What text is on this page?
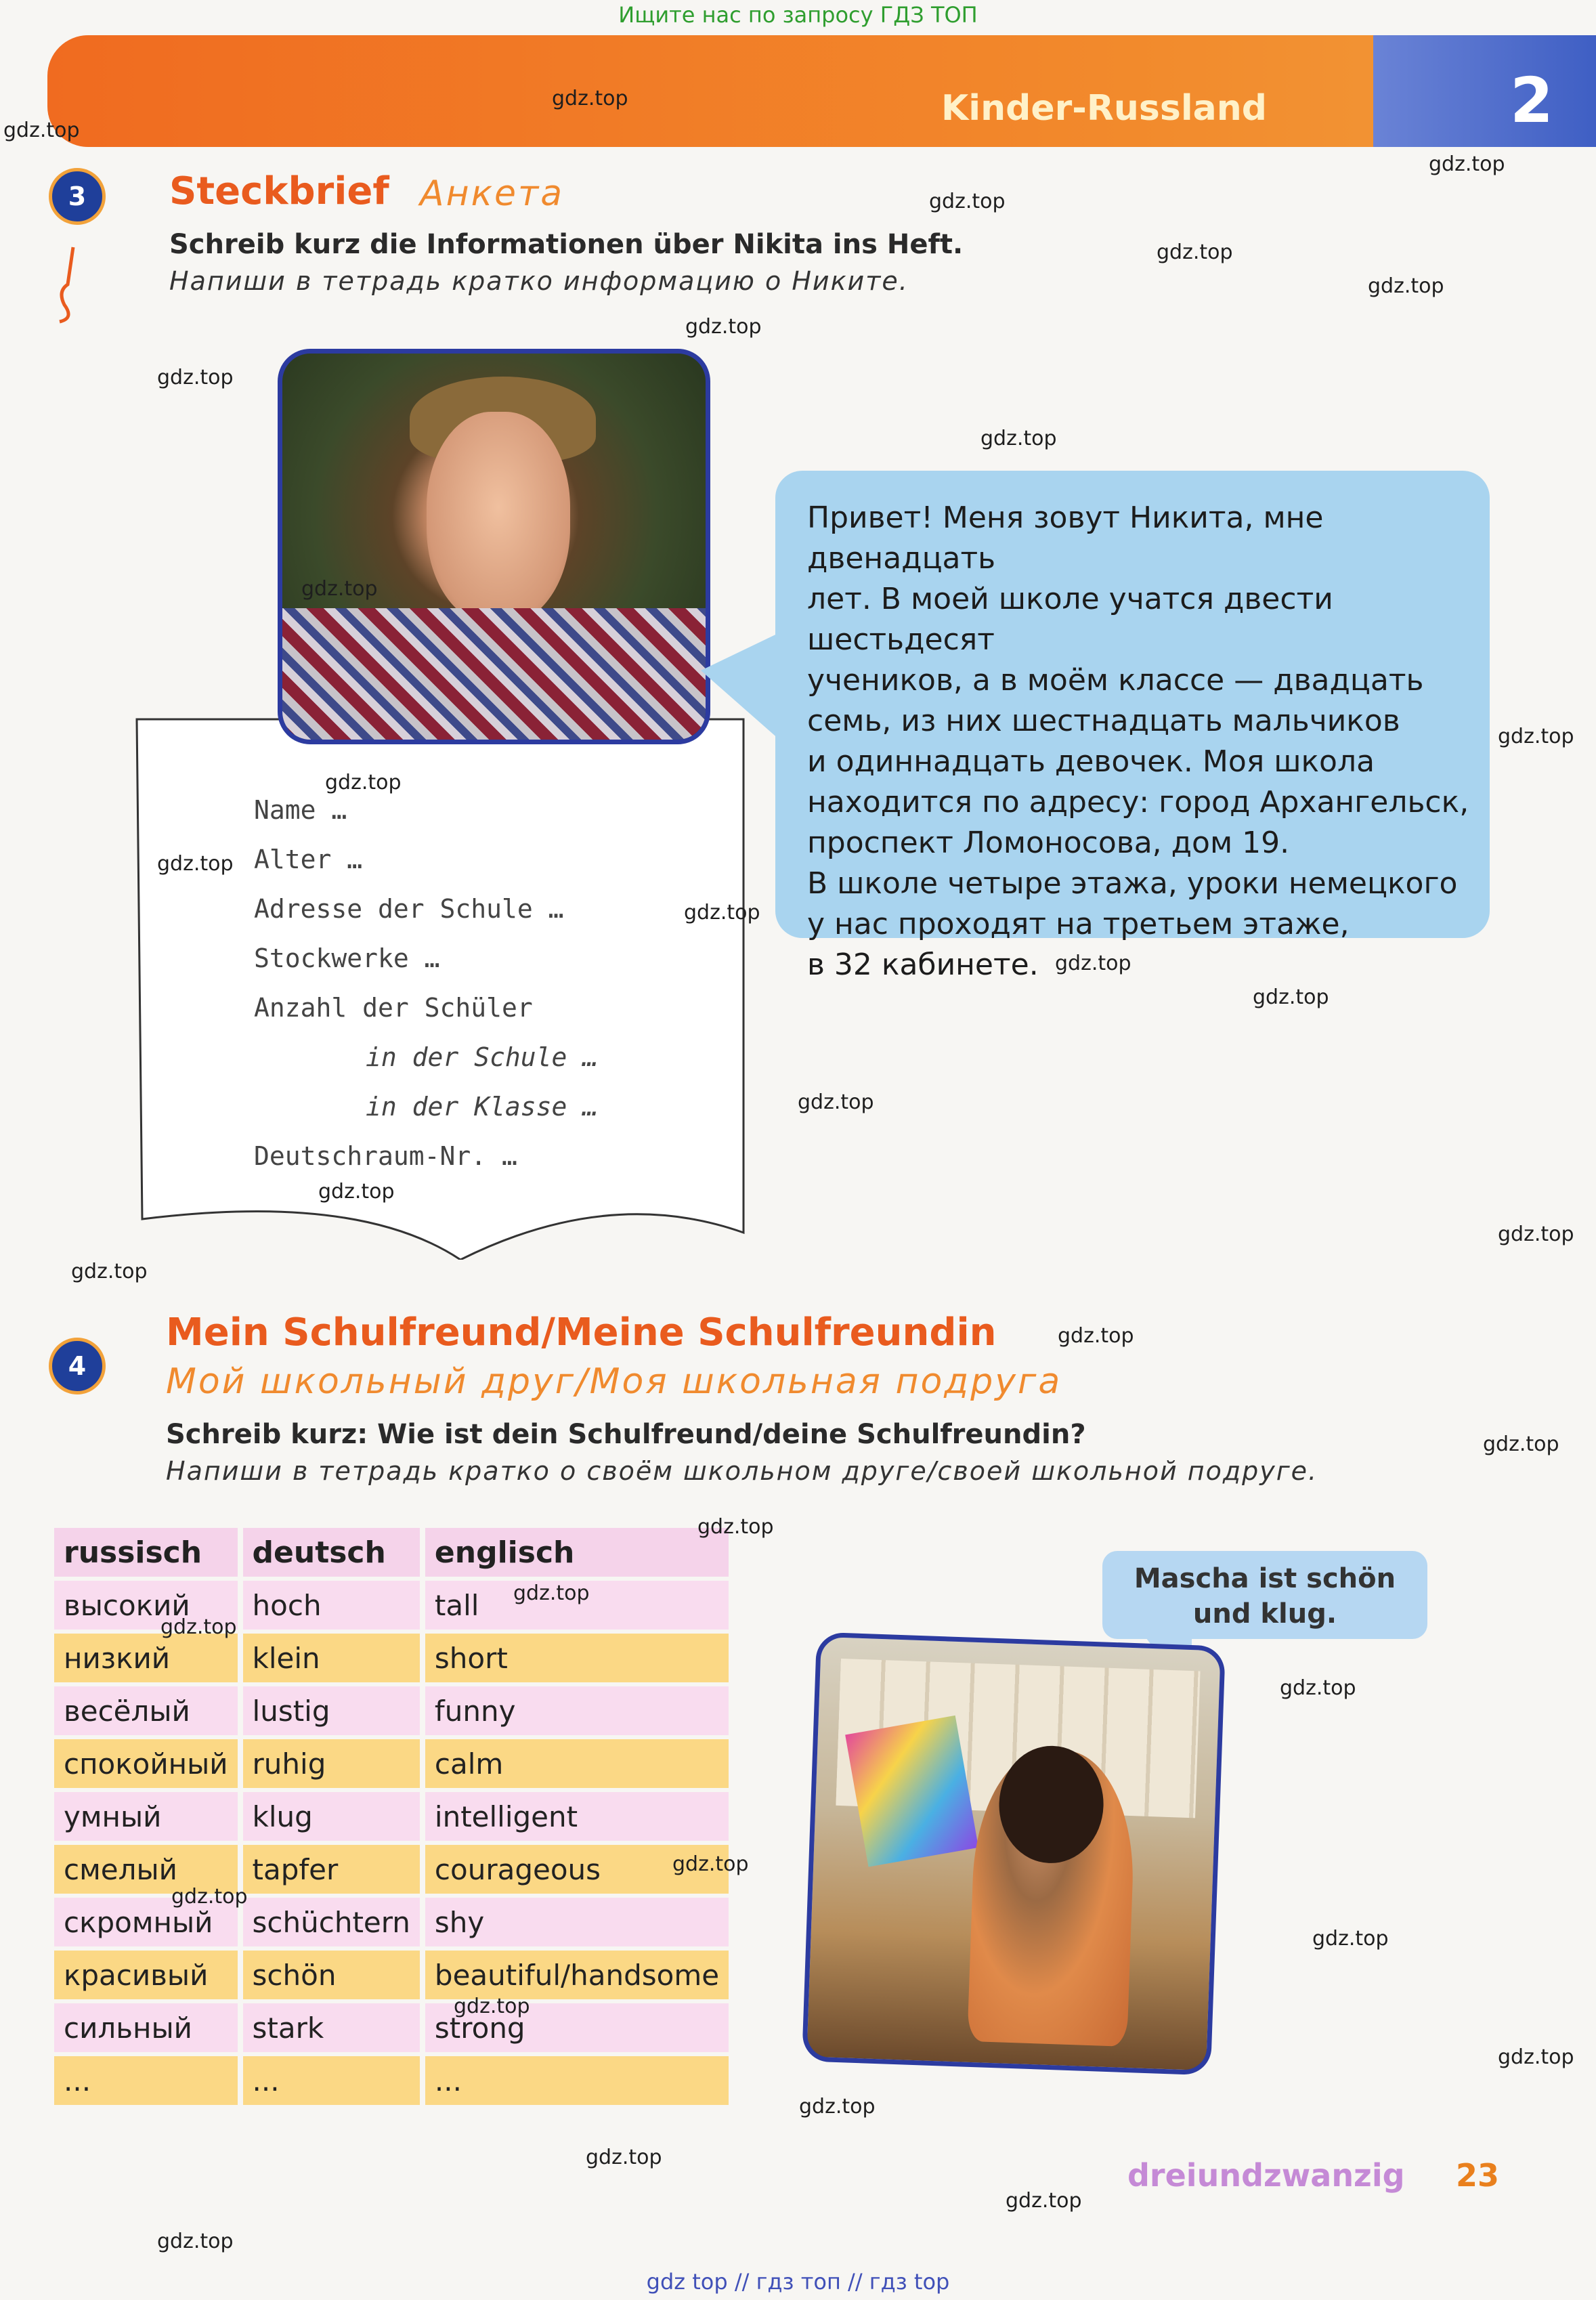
Ищите нас по запросу ГДЗ ТОП
Kinder-Russland	2
3	Steckbrief Анкета
Schreib kurz die Informationen über Nikita ins Heft.
Напиши в тетрадь кратко информацию о Никите.
Name …
Alter …
Adresse der Schule …
Stockwerke …
Anzahl der Schüler
in der Schule …
in der Klasse …
Deutschraum-Nr. …
Привет! Меня зовут Никита, мне двенадцать
лет. В моей школе учатся двести шестьдесят
учеников, а в моём классе — двадцать
семь, из них шестнадцать мальчиков
и одиннадцать девочек. Моя школа
находится по адресу: город Архангельск,
проспект Ломоносова, дом 19.
В школе четыре этажа, уроки немецкого
у нас проходят на третьем этаже,
в 32 кабинете.
4
Mein Schulfreund/Meine Schulfreundin
Мой школьный друг/Моя школьная подруга
Schreib kurz: Wie ist dein Schulfreund/deine Schulfreundin?
Напиши в тетрадь кратко о своём школьном друге/своей школьной подруге.
russisch		deutsch		englisch
высокий		hoch		tall
низкий		klein		short
весёлый		lustig		funny
спокойный		ruhig		calm
умный		klug		intelligent
смелый		tapfer		courageous
скромный		schüchtern		shy
красивый		schön		beautiful/handsome
сильный		stark		strong
...		...		...
Mascha ist schön
und klug.
dreiundzwanzig 23
gdz top // гдз топ // гдз top
gdz.top
gdz.top
gdz.top
gdz.top
gdz.top
gdz.top
gdz.top
gdz.top
gdz.top
gdz.top
gdz.top
gdz.top
gdz.top
gdz.top
gdz.top
gdz.top
gdz.top
gdz.top
gdz.top
gdz.top
gdz.top
gdz.top
gdz.top
gdz.top
gdz.top
gdz.top
gdz.top
gdz.top
gdz.top
gdz.top
gdz.top
gdz.top
gdz.top
gdz.top
gdz.top
